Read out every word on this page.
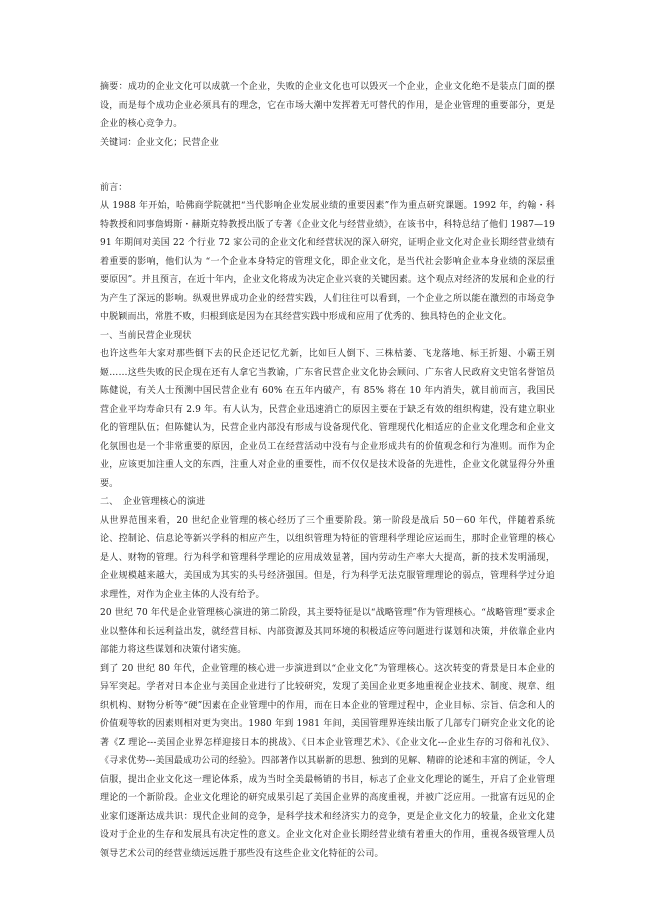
摘要：成功的企业文化可以成就一个企业，失败的企业文化也可以毁灭一个企业，企业文化绝不是装点门面的摆设，而是每个成功企业必须具有的理念，它在市场大潮中发挥着无可替代的作用，是企业管理的重要部分，更是企业的核心竞争力。

关键词：企业文化；民营企业

前言：

从 1988 年开始，哈佛商学院就把“当代影响企业发展业绩的重要因素”作为重点研究课题。1992 年，约翰・科特教授和同事詹姆斯・赫斯克特教授出版了专著《企业文化与经营业绩》，在该书中，科特总结了他们 1987—1991 年期间对美国 22 个行业 72 家公司的企业文化和经营状况的深入研究，证明企业文化对企业长期经营业绩有着重要的影响，他们认为 “一个企业本身特定的管理文化，即企业文化，是当代社会影响企业本身业绩的深层重要原因”。并且预言，在近十年内，企业文化将成为决定企业兴衰的关键因素。这个观点对经济的发展和企业的行为产生了深远的影响。纵观世界成功企业的经营实践，人们往往可以看到，一个企业之所以能在激烈的市场竞争中脱颖而出，常胜不败，归根到底是因为在其经营实践中形成和应用了优秀的、独具特色的企业文化。

一、当前民营企业现状

也许这些年大家对那些倒下去的民企还记忆尤新，比如巨人倒下、三株枯萎、飞龙落地、标王折翅、小霸王别姬……这些失败的民企现在还有人拿它当教谕，广东省民营企业文化协会顾问、广东省人民政府文史馆名誉馆员陈健说，有关人士预测中国民营企业有 60% 在五年内破产，有 85% 将在 10 年内消失，就目前而言，我国民营企业平均寿命只有 2.9 年。有人认为，民营企业迅速消亡的原因主要在于缺乏有效的组织构建，没有建立职业化的管理队伍；但陈健认为，民营企业内部没有形成与设备现代化、管理现代化相适应的企业文化理念和企业文化氛围也是一个非常重要的原因，企业员工在经营活动中没有与企业形成共有的价值观念和行为准则。而作为企业，应该更加注重人文的东西，注重人对企业的重要性，而不仅仅是技术设备的先进性，企业文化就显得分外重要。

二、　企业管理核心的演进

从世界范围来看，20 世纪企业管理的核心经历了三个重要阶段。第一阶段是战后 50－60 年代，伴随着系统论、控制论、信息论等新兴学科的相应产生，以组织管理为特征的管理科学理论应运而生，那时企业管理的核心是人、财物的管理。行为科学和管理科学理论的应用成效显著，国内劳动生产率大大提高，新的技术发明涌现，企业规模越来越大，美国成为其实的头号经济强国。但是，行为科学无法克服管理理论的弱点，管理科学过分追求理性，对作为企业主体的人没有给予。

20 世纪 70 年代是企业管理核心演进的第二阶段，其主要特征是以“战略管理”作为管理核心。“战略管理”要求企业以整体和长远利益出发，就经营目标、内部资源及其同环境的积极适应等问题进行谋划和决策，并依靠企业内部能力将这些谋划和决策付诸实施。

到了 20 世纪 80 年代，企业管理的核心进一步演进到以“企业文化”为管理核心。这次转变的背景是日本企业的异军突起。学者对日本企业与美国企业进行了比较研究，发现了美国企业更多地重视企业技术、制度、规章、组织机构、财物分析等“硬”因素在企业管理中的作用，而在日本企业的管理过程中，企业目标、宗旨、信念和人的价值观等软的因素则相对更为突出。1980 年到 1981 年间，美国管理界连续出版了几部专门研究企业文化的论著《Z 理论---美国企业界怎样迎接日本的挑战》、《日本企业管理艺术》、《企业文化---企业生存的习俗和礼仪》、《寻求优势---美国最成功公司的经验》。四部著作以其崭新的思想、独到的见解、精辟的论述和丰富的例证，令人信服，提出企业文化这一理论体系，成为当时全美最畅销的书目，标志了企业文化理论的诞生，开启了企业管理理论的一个新阶段。企业文化理论的研究成果引起了美国企业界的高度重视，并被广泛应用。一批富有远见的企业家们逐渐达成共识：现代企业间的竞争，是科学技术和经济实力的竞争，更是企业文化力的较量，企业文化建设对于企业的生存和发展具有决定性的意义。企业文化对企业长期经营业绩有着重大的作用，重视各级管理人员领导艺术公司的经营业绩远远胜于那些没有这些企业文化特征的公司。
